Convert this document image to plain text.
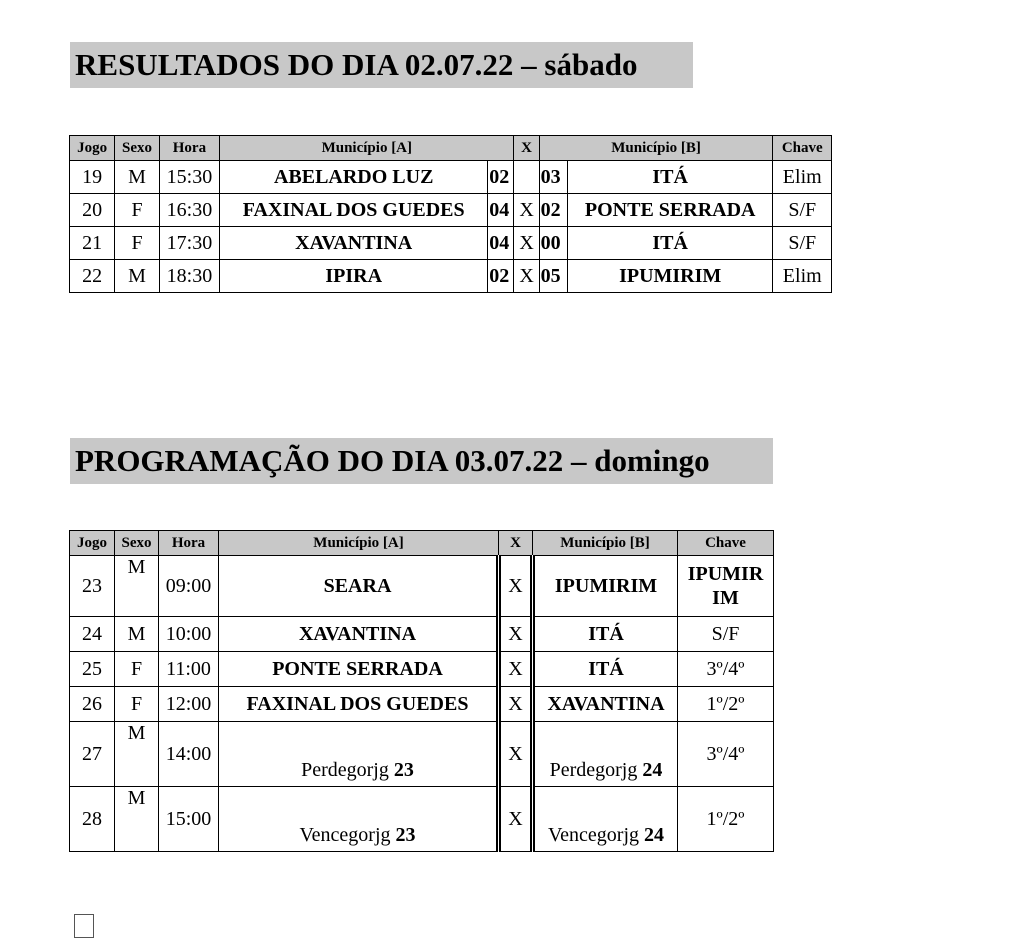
RESULTADOS DO DIA 02.07.22 – sábado
Jogo	Sexo	Hora	Município [A]		X	Município [B]		Chave
19	M	15:30	ABELARDO LUZ	02		03	ITÁ	Elim
20	F	16:30	FAXINAL DOS GUEDES	04	X	02	PONTE SERRADA	S/F
21	F	17:30	XAVANTINA	04	X	00	ITÁ	S/F
22	M	18:30	IPIRA	02	X	05	IPUMIRIM	Elim
PROGRAMAÇÃO DO DIA 03.07.22 – domingo
Jogo	Sexo	Hora	Município [A]	X	Município [B]	Chave
23	M	09:00	SEARA	X	IPUMIRIM	IPUMIR IM
24	M	10:00	XAVANTINA	X	ITÁ	S/F
25	F	11:00	PONTE SERRADA	X	ITÁ	3º/4º
26	F	12:00	FAXINAL DOS GUEDES	X	XAVANTINA	1º/2º
27	M	14:00	Perdegorjg 23	X	Perdegorjg 24	3º/4º
28	M	15:00	Vencegorjg 23	X	Vencegorjg 24	1º/2º
